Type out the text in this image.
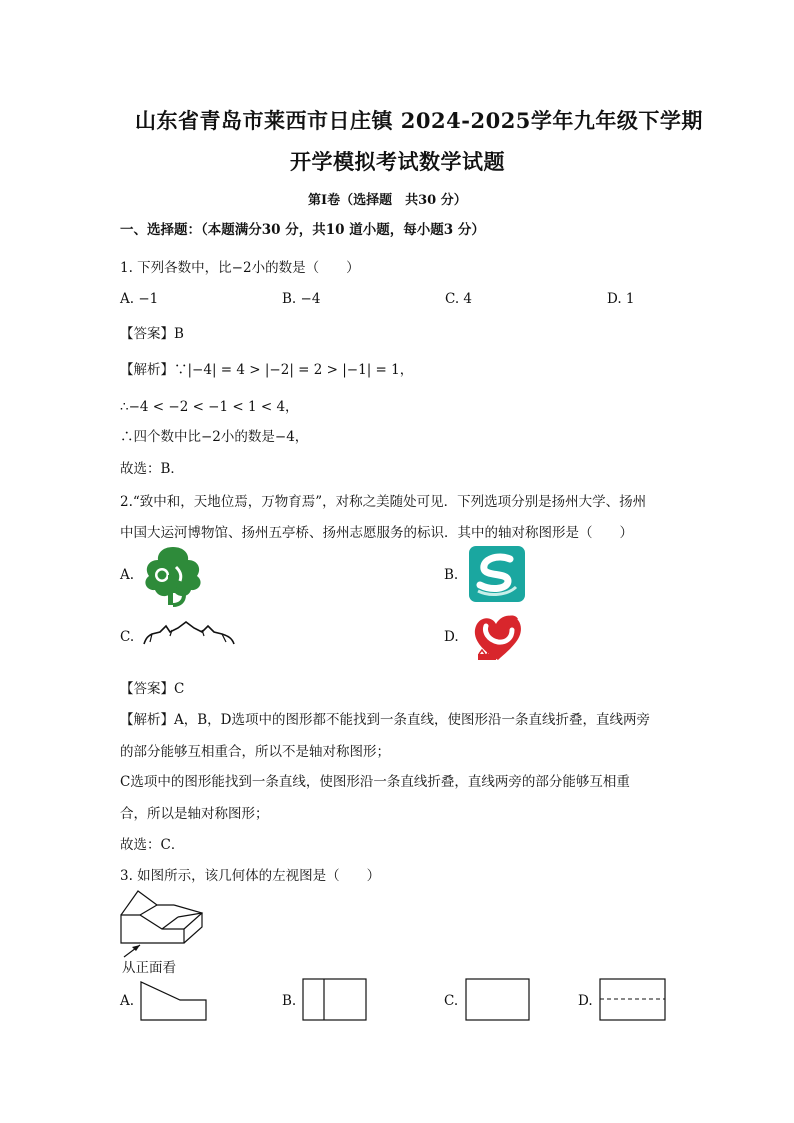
山东省青岛市莱西市日庄镇 2024-2025学年九年级下学期
开学模拟考试数学试题
第Ⅰ卷（选择题　共30 分）
一、选择题：（本题满分30 分，共10 道小题，每小题3 分）
1. 下列各数中，比−2小的数是（　　）
A. −1	B. −4	C. 4	D. 1
【答案】B
【解析】∵|−4| = 4 > |−2| = 2 > |−1| = 1，
∴−4 < −2 < −1 < 1 < 4，
∴四个数中比−2小的数是−4，
故选：B．
2.“致中和，天地位焉，万物育焉”，对称之美随处可见．下列选项分别是扬州大学、扬州
中国大运河博物馆、扬州五亭桥、扬州志愿服务的标识．其中的轴对称图形是（　　）
A.	B.
C.	D.
【答案】C
【解析】A，B，D选项中的图形都不能找到一条直线，使图形沿一条直线折叠，直线两旁
的部分能够互相重合，所以不是轴对称图形；
C选项中的图形能找到一条直线，使图形沿一条直线折叠，直线两旁的部分能够互相重
合，所以是轴对称图形；
故选：C．
3. 如图所示，该几何体的左视图是（　　）
从正面看
A.	B.	C.	D.
